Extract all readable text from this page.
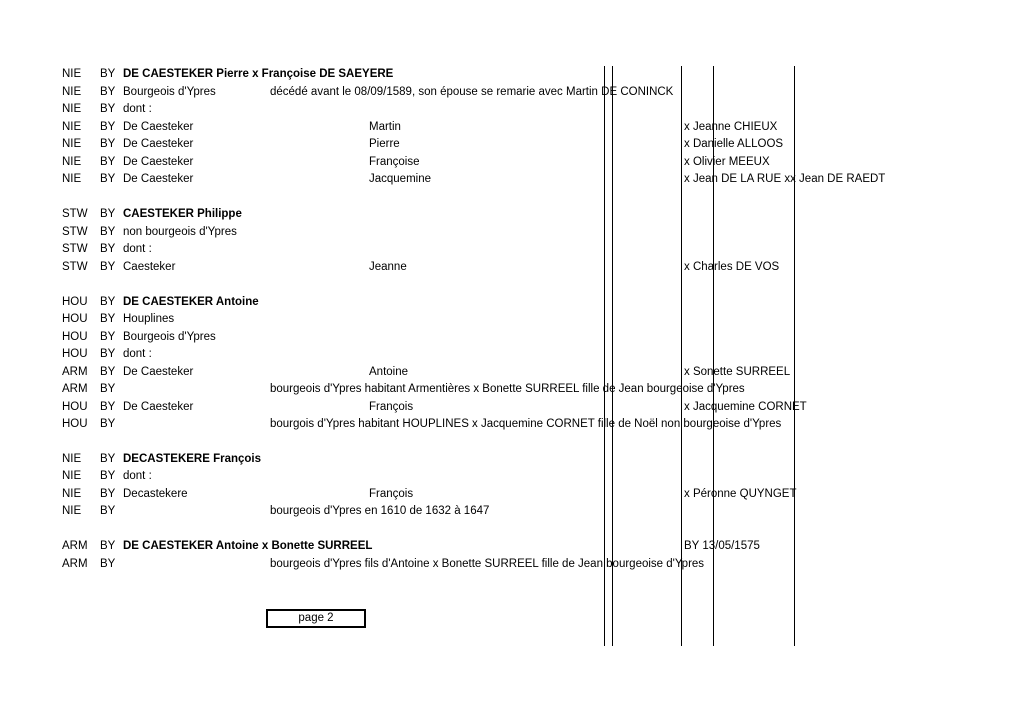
NIE BY DE CAESTEKER Pierre x Françoise DE SAEYERE
NIE BY Bourgeois d'Ypres	décédé avant le 08/09/1589, son épouse se remarie avec Martin DE CONINCK
NIE BY dont :
NIE BY De Caesteker	Martin	x Jeanne CHIEUX
NIE BY De Caesteker	Pierre	x Danielle ALLOOS
NIE BY De Caesteker	Françoise	x Olivier MEEUX
NIE BY De Caesteker	Jacquemine	x Jean DE LA RUE xx Jean DE RAEDT
STW BY CAESTEKER Philippe
STW BY non bourgeois d'Ypres
STW BY dont :
STW BY Caesteker	Jeanne	x Charles DE VOS
HOU BY DE CAESTEKER Antoine
HOU BY Houplines
HOU BY Bourgeois d'Ypres
HOU BY dont :
ARM BY De Caesteker	Antoine	x Sonette SURREEL
ARM BY	bourgeois d'Ypres habitant Armentières x Bonette SURREEL fille de Jean bourgeoise d'Ypres
HOU BY De Caesteker	François	x Jacquemine CORNET
HOU BY	bourgois d'Ypres habitant HOUPLINES x Jacquemine CORNET fille de Noël non bourgeoise d'Ypres
NIE BY DECASTEKERE François
NIE BY dont :
NIE BY Decastekere	François	x Péronne QUYNGET
NIE BY	bourgeois d'Ypres en 1610 de 1632 à 1647
ARM BY DE CAESTEKER Antoine x Bonette SURREEL	BY 13/05/1575
ARM BY	bourgeois d'Ypres fils d'Antoine x Bonette SURREEL fille de Jean bourgeoise d'Ypres
page 2
